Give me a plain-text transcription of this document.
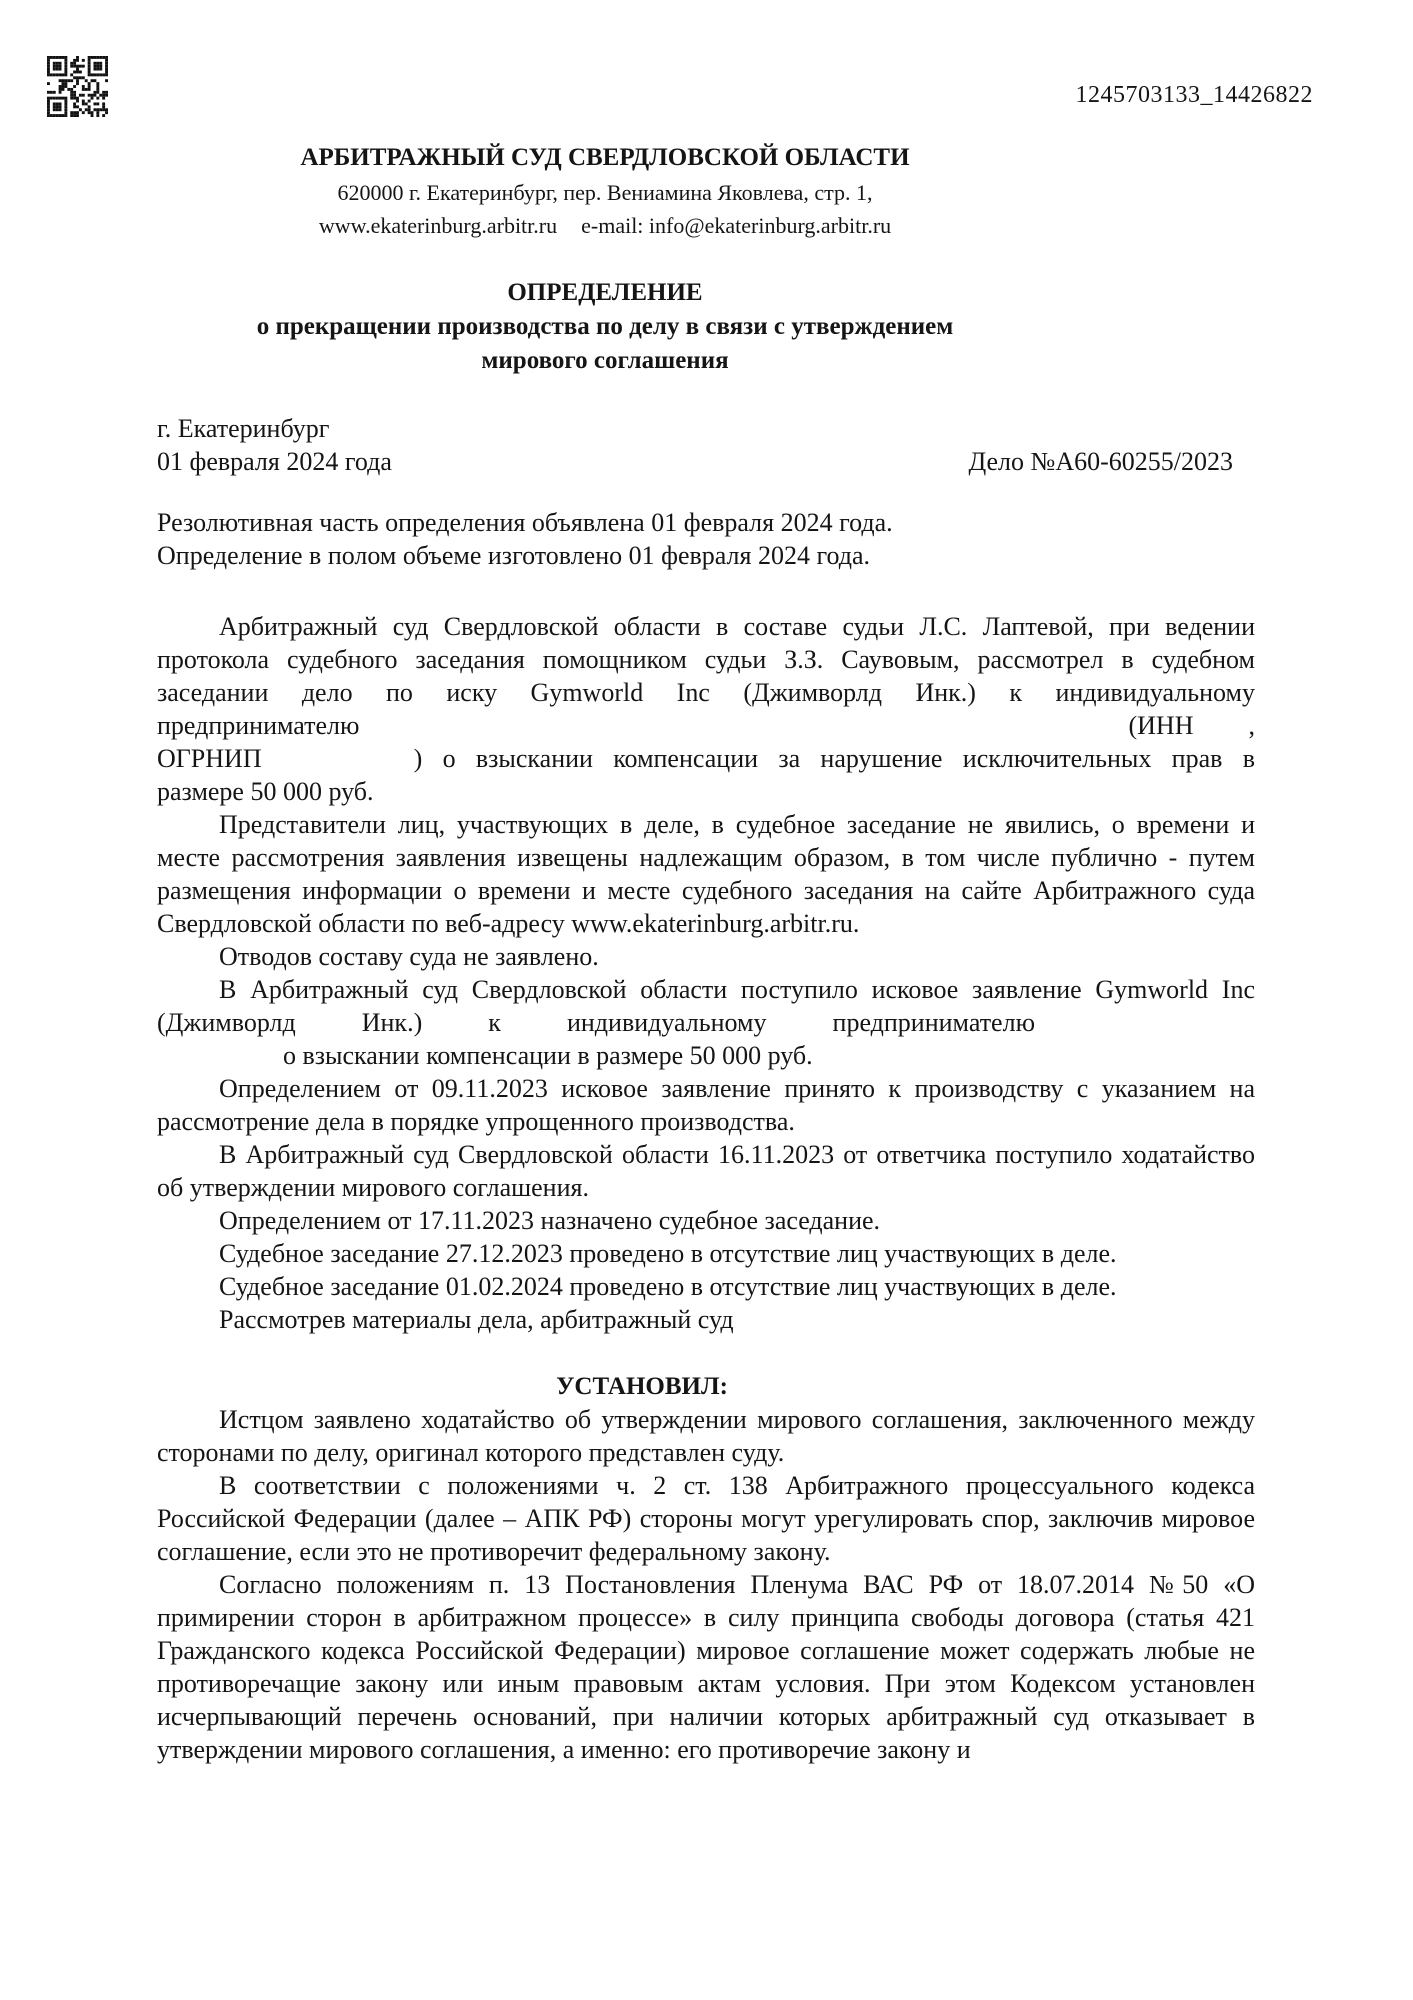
1245703133_14426822
АРБИТРАЖНЫЙ СУД СВЕРДЛОВСКОЙ ОБЛАСТИ
620000 г. Екатеринбург, пер. Вениамина Яковлева, стр. 1,
www.ekaterinburg.arbitr.ru e-mail: info@ekaterinburg.arbitr.ru
ОПРЕДЕЛЕНИЕ
о прекращении производства по делу в связи с утверждением
мирового соглашения
г. Екатеринбург
01 февраля 2024 года	Дело №А60-60255/2023

Резолютивная часть определения объявлена 01 февраля 2024 года.

Определение в полом объеме изготовлено 01 февраля 2024 года.

Арбитражный суд Свердловской области в составе судьи Л.С. Лаптевой, при ведении
протокола судебного заседания помощником судьи З.З. Саувовым, рассмотрел в судебном
заседании дело по иску Gymworld Inc (Джимворлд Инк.) к индивидуальному
предпринимателю	(ИНН ,
ОГРНИП	) о взыскании компенсации за нарушение исключительных прав в
размере 50 000 руб.

Представители лиц, участвующих в деле, в судебное заседание не явились, о времени и месте рассмотрения заявления извещены надлежащим образом, в том числе публично - путем размещения информации о времени и месте судебного заседания на сайте Арбитражного суда Свердловской области по веб-адресу www.ekaterinburg.arbitr.ru.

Отводов составу суда не заявлено.

В Арбитражный суд Свердловской области поступило исковое заявление Gymworld Inc (Джимворлд Инк.) к индивидуальному предпринимателю

о взыскании компенсации в размере 50 000 руб.

Определением от 09.11.2023 исковое заявление принято к производству с указанием на рассмотрение дела в порядке упрощенного производства.

В Арбитражный суд Свердловской области 16.11.2023 от ответчика поступило ходатайство об утверждении мирового соглашения.

Определением от 17.11.2023 назначено судебное заседание.

Судебное заседание 27.12.2023 проведено в отсутствие лиц участвующих в деле.

Судебное заседание 01.02.2024 проведено в отсутствие лиц участвующих в деле.

Рассмотрев материалы дела, арбитражный суд

УСТАНОВИЛ:

Истцом заявлено ходатайство об утверждении мирового соглашения, заключенного между сторонами по делу, оригинал которого представлен суду.

В соответствии с положениями ч. 2 ст. 138 Арбитражного процессуального кодекса Российской Федерации (далее – АПК РФ) стороны могут урегулировать спор, заключив мировое соглашение, если это не противоречит федеральному закону.

Согласно положениям п. 13 Постановления Пленума ВАС РФ от 18.07.2014 №50 «О примирении сторон в арбитражном процессе» в силу принципа свободы договора (статья 421 Гражданского кодекса Российской Федерации) мировое соглашение может содержать любые не противоречащие закону или иным правовым актам условия. При этом Кодексом установлен исчерпывающий перечень оснований, при наличии которых арбитражный суд отказывает в утверждении мирового соглашения, а именно: его противоречие закону и
